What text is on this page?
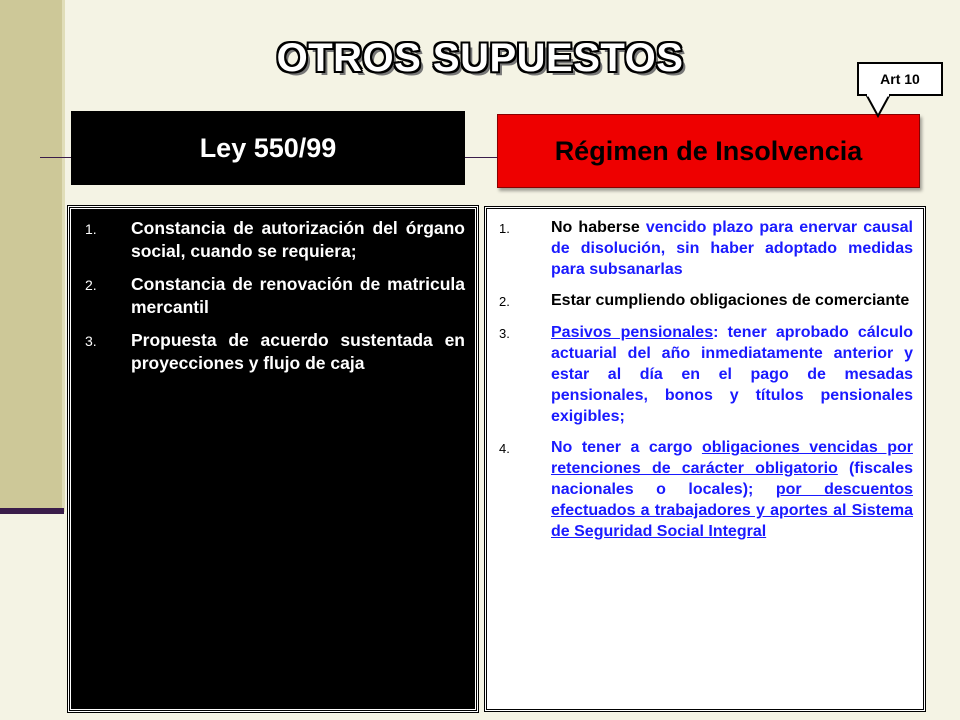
OTROS SUPUESTOS
Ley 550/99	Régimen de Insolvencia
Art 10
1.	Constancia de autorización del órgano social, cuando se requiera;
2.	Constancia de renovación de matricula mercantil
3.	Propuesta de acuerdo sustentada en proyecciones y flujo de caja
1.	No haberse vencido plazo para enervar causal de disolución, sin haber adoptado medidas para subsanarlas
2.	Estar cumpliendo obligaciones de comerciante
3.	Pasivos pensionales: tener aprobado cálculo actuarial del año inmediatamente anterior y estar al día en el pago de mesadas pensionales, bonos y títulos pensionales exigibles;
4.	No tener a cargo obligaciones vencidas por retenciones de carácter obligatorio (fiscales nacionales o locales); por descuentos efectuados a trabajadores y aportes al Sistema de Seguridad Social Integral
